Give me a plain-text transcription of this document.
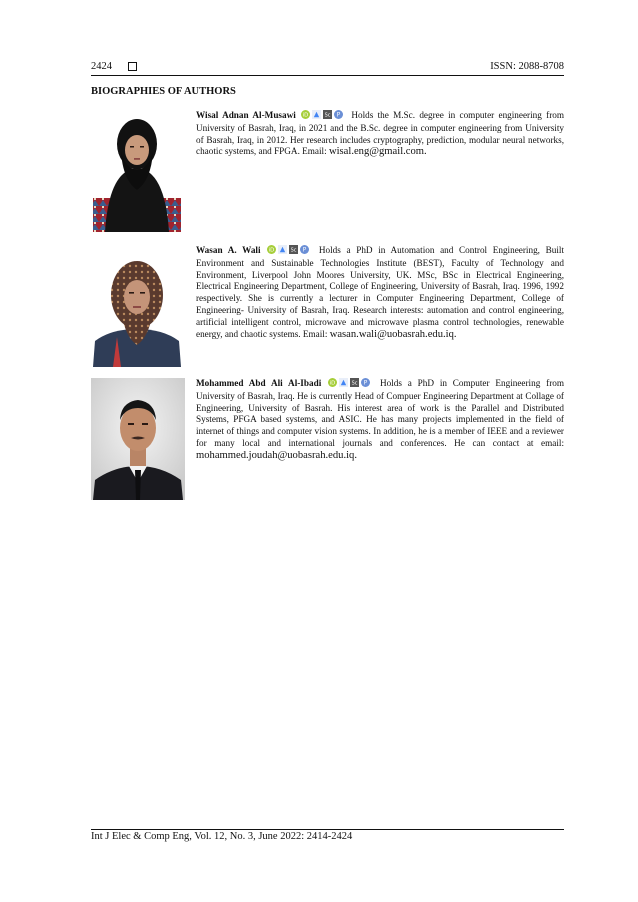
2424	ISSN: 2088-8708
BIOGRAPHIES OF AUTHORS
Wisal Adnan Al-Musawi iD	Sc P Holds the M.Sc. degree in computer engineering from University of Basrah, Iraq, in 2021 and the B.Sc. degree in computer engineering from University of Basrah, Iraq, in 2012. Her research includes cryptography, prediction, modular neural networks, chaotic systems, and FPGA. Email: wisal.eng@gmail.com.
Wasan A. Wali iD	Sc P Holds a PhD in Automation and Control Engineering, Built Environment and Sustainable Technologies Institute (BEST), Faculty of Technology and Environment, Liverpool John Moores University, UK. MSc, BSc in Electrical Engineering, Electrical Engineering Department, College of Engineering, University of Basrah, Iraq. 1996, 1992 respectively. She is currently a lecturer in Computer Engineering Department, College of Engineering- University of Basrah, Iraq. Research interests: automation and control engineering, artificial intelligent control, microwave and microwave plasma control technologies, renewable energy, and chaotic systems. Email: wasan.wali@uobasrah.edu.iq.
Mohammed Abd Ali Al-Ibadi iD	Sc P Holds a PhD in Computer Engineering from University of Basrah, Iraq. He is currently Head of Compuer Engineering Department at Collage of Engineering, University of Basrah. His interest area of work is the Parallel and Distributed Systems, PFGA based systems, and ASIC. He has many projects implemented in the field of internet of things and computer vision systems. In addition, he is a member of IEEE and a reviewer for many local and international journals and conferences. He can contact at email: mohammed.joudah@uobasrah.edu.iq.
Int J Elec & Comp Eng, Vol. 12, No. 3, June 2022: 2414-2424
